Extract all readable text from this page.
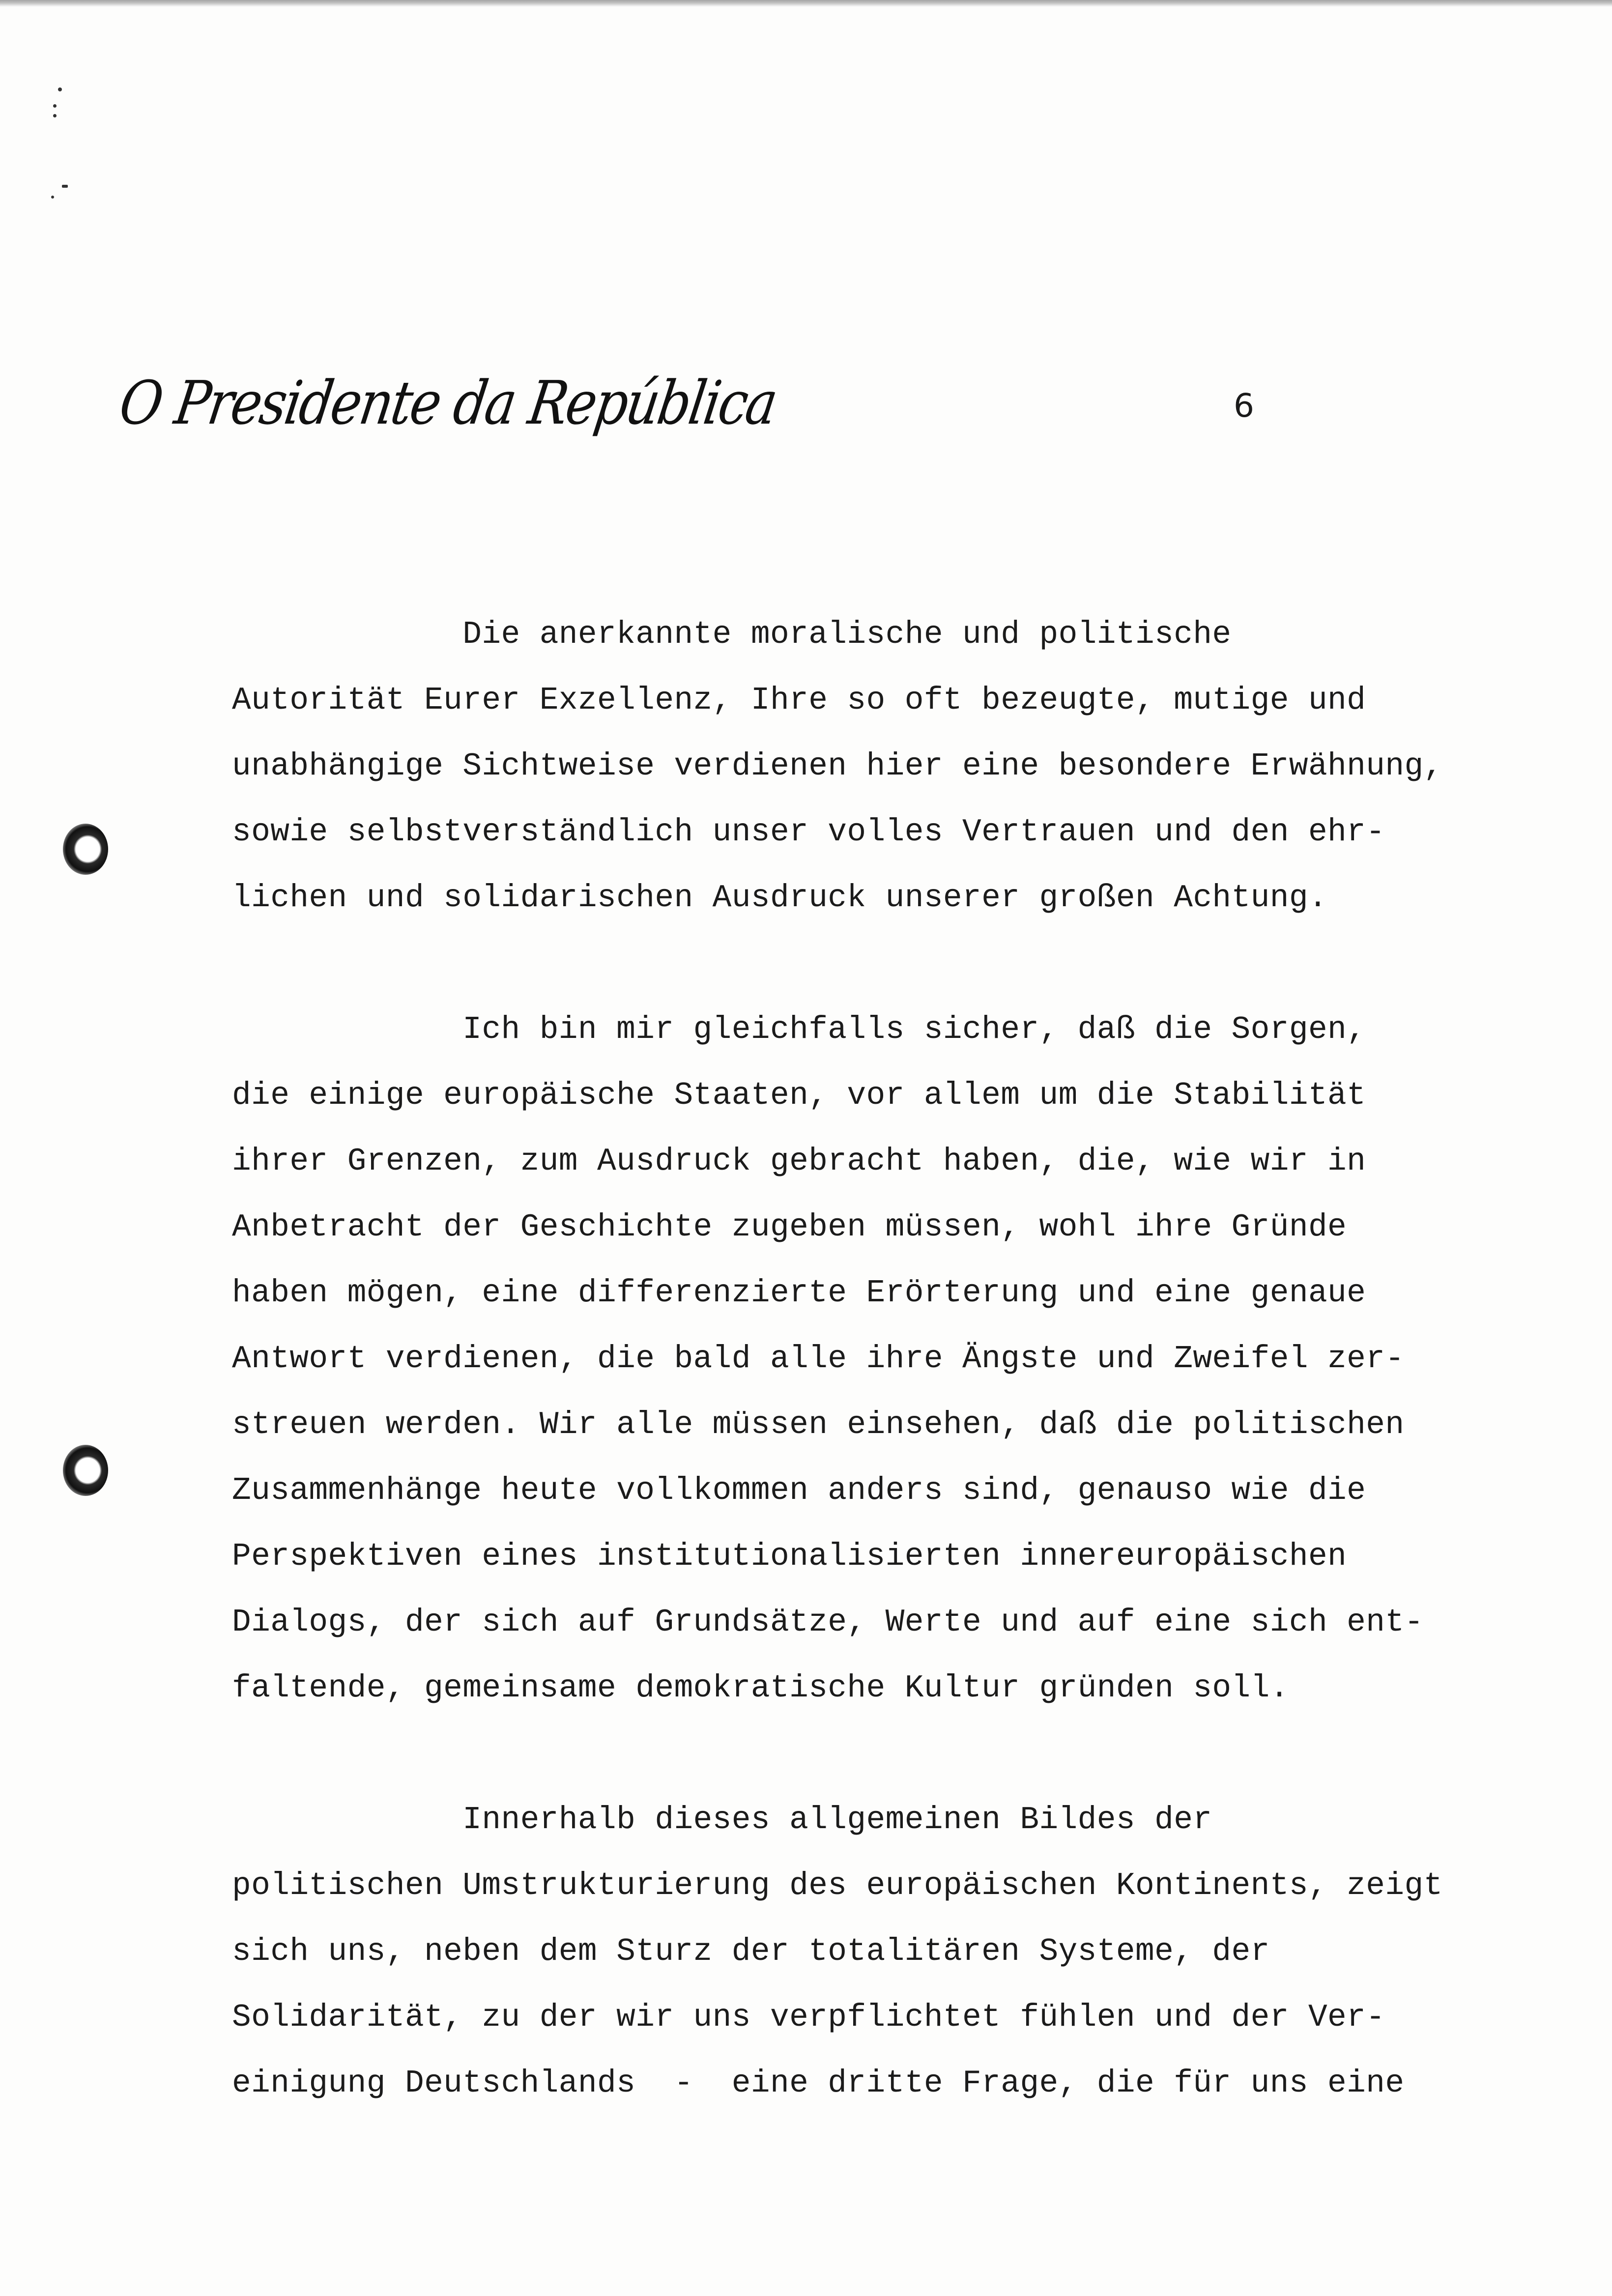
O Presidente da República	6
Die anerkannte moralische und politische
Autorität Eurer Exzellenz, Ihre so oft bezeugte, mutige und
unabhängige Sichtweise verdienen hier eine besondere Erwähnung,
sowie selbstverständlich unser volles Vertrauen und den ehr-
lichen und solidarischen Ausdruck unserer großen Achtung.
Ich bin mir gleichfalls sicher, daß die Sorgen,
die einige europäische Staaten, vor allem um die Stabilität
ihrer Grenzen, zum Ausdruck gebracht haben, die, wie wir in
Anbetracht der Geschichte zugeben müssen, wohl ihre Gründe
haben mögen, eine differenzierte Erörterung und eine genaue
Antwort verdienen, die bald alle ihre Ängste und Zweifel zer-
streuen werden. Wir alle müssen einsehen, daß die politischen
Zusammenhänge heute vollkommen anders sind, genauso wie die
Perspektiven eines institutionalisierten innereuropäischen
Dialogs, der sich auf Grundsätze, Werte und auf eine sich ent-
faltende, gemeinsame demokratische Kultur gründen soll.
Innerhalb dieses allgemeinen Bildes der
politischen Umstrukturierung des europäischen Kontinents, zeigt
sich uns, neben dem Sturz der totalitären Systeme, der
Solidarität, zu der wir uns verpflichtet fühlen und der Ver-
einigung Deutschlands  -  eine dritte Frage, die für uns eine
